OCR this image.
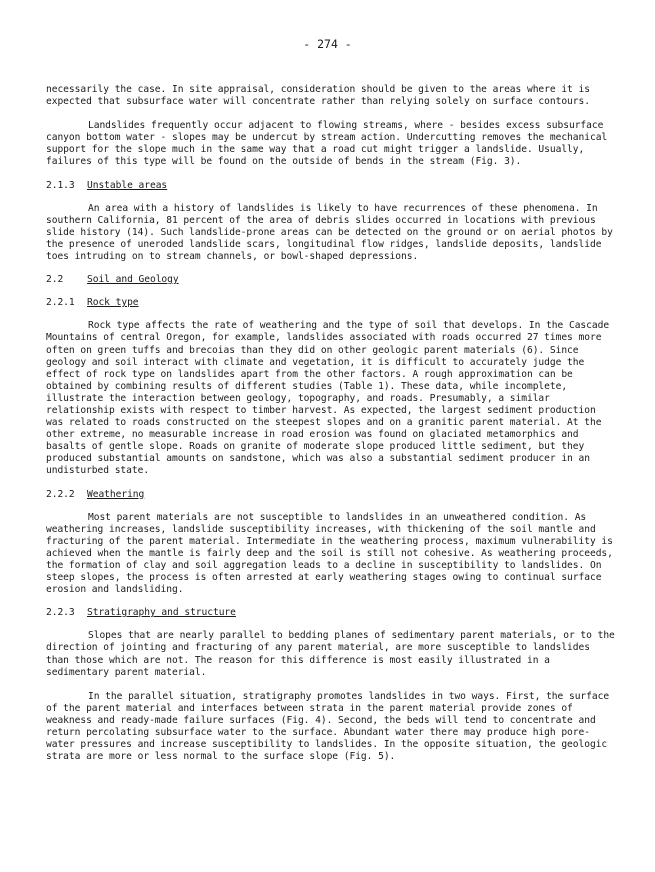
- 274 -

necessarily the case. In site appraisal, consideration should be given to the areas where it is expected that subsurface water will concentrate rather than relying solely on surface contours.

Landslides frequently occur adjacent to flowing streams, where - besides excess subsurface canyon bottom water - slopes may be undercut by stream action. Undercutting removes the mechanical support for the slope much in the same way that a road cut might trigger a landslide. Usually, failures of this type will be found on the outside of bends in the stream (Fig. 3).

2.1.3	Unstable areas

An area with a history of landslides is likely to have recurrences of these phenomena. In southern California, 81 percent of the area of debris slides occurred in locations with previous slide history (14). Such landslide-prone areas can be detected on the ground or on aerial photos by the presence of uneroded landslide scars, longitudinal flow ridges, landslide deposits, landslide toes intruding on to stream channels, or bowl-shaped depressions.

2.2	Soil and Geology
2.2.1	Rock type

Rock type affects the rate of weathering and the type of soil that develops. In the Cascade Mountains of central Oregon, for example, landslides associated with roads occurred 27 times more often on green tuffs and brecoias than they did on other geologic parent materials (6). Since geology and soil interact with climate and vegetation, it is difficult to accurately judge the effect of rock type on landslides apart from the other factors. A rough approximation can be obtained by combining results of different studies (Table 1). These data, while incomplete, illustrate the interaction between geology, topography, and roads. Presumably, a similar relationship exists with respect to timber harvest. As expected, the largest sediment production was related to roads constructed on the steepest slopes and on a granitic parent material. At the other extreme, no measurable increase in road erosion was found on glaciated metamorphics and basalts of gentle slope. Roads on granite of moderate slope produced little sediment, but they produced substantial amounts on sandstone, which was also a substantial sediment producer in an undisturbed state.

2.2.2	Weathering

Most parent materials are not susceptible to landslides in an unweathered condition. As weathering increases, landslide susceptibility increases, with thickening of the soil mantle and fracturing of the parent material. Intermediate in the weathering process, maximum vulnerability is achieved when the mantle is fairly deep and the soil is still not cohesive. As weathering proceeds, the formation of clay and soil aggregation leads to a decline in susceptibility to landslides. On steep slopes, the process is often arrested at early weathering stages owing to continual surface erosion and landsliding.

2.2.3	Stratigraphy and structure

Slopes that are nearly parallel to bedding planes of sedimentary parent materials, or to the direction of jointing and fracturing of any parent material, are more susceptible to landslides than those which are not. The reason for this difference is most easily illustrated in a sedimentary parent material.

In the parallel situation, stratigraphy promotes landslides in two ways. First, the surface of the parent material and interfaces between strata in the parent material provide zones of weakness and ready-made failure surfaces (Fig. 4). Second, the beds will tend to concentrate and return percolating subsurface water to the surface. Abundant water there may produce high pore-water pressures and increase susceptibility to landslides. In the opposite situation, the geologic strata are more or less normal to the surface slope (Fig. 5).
